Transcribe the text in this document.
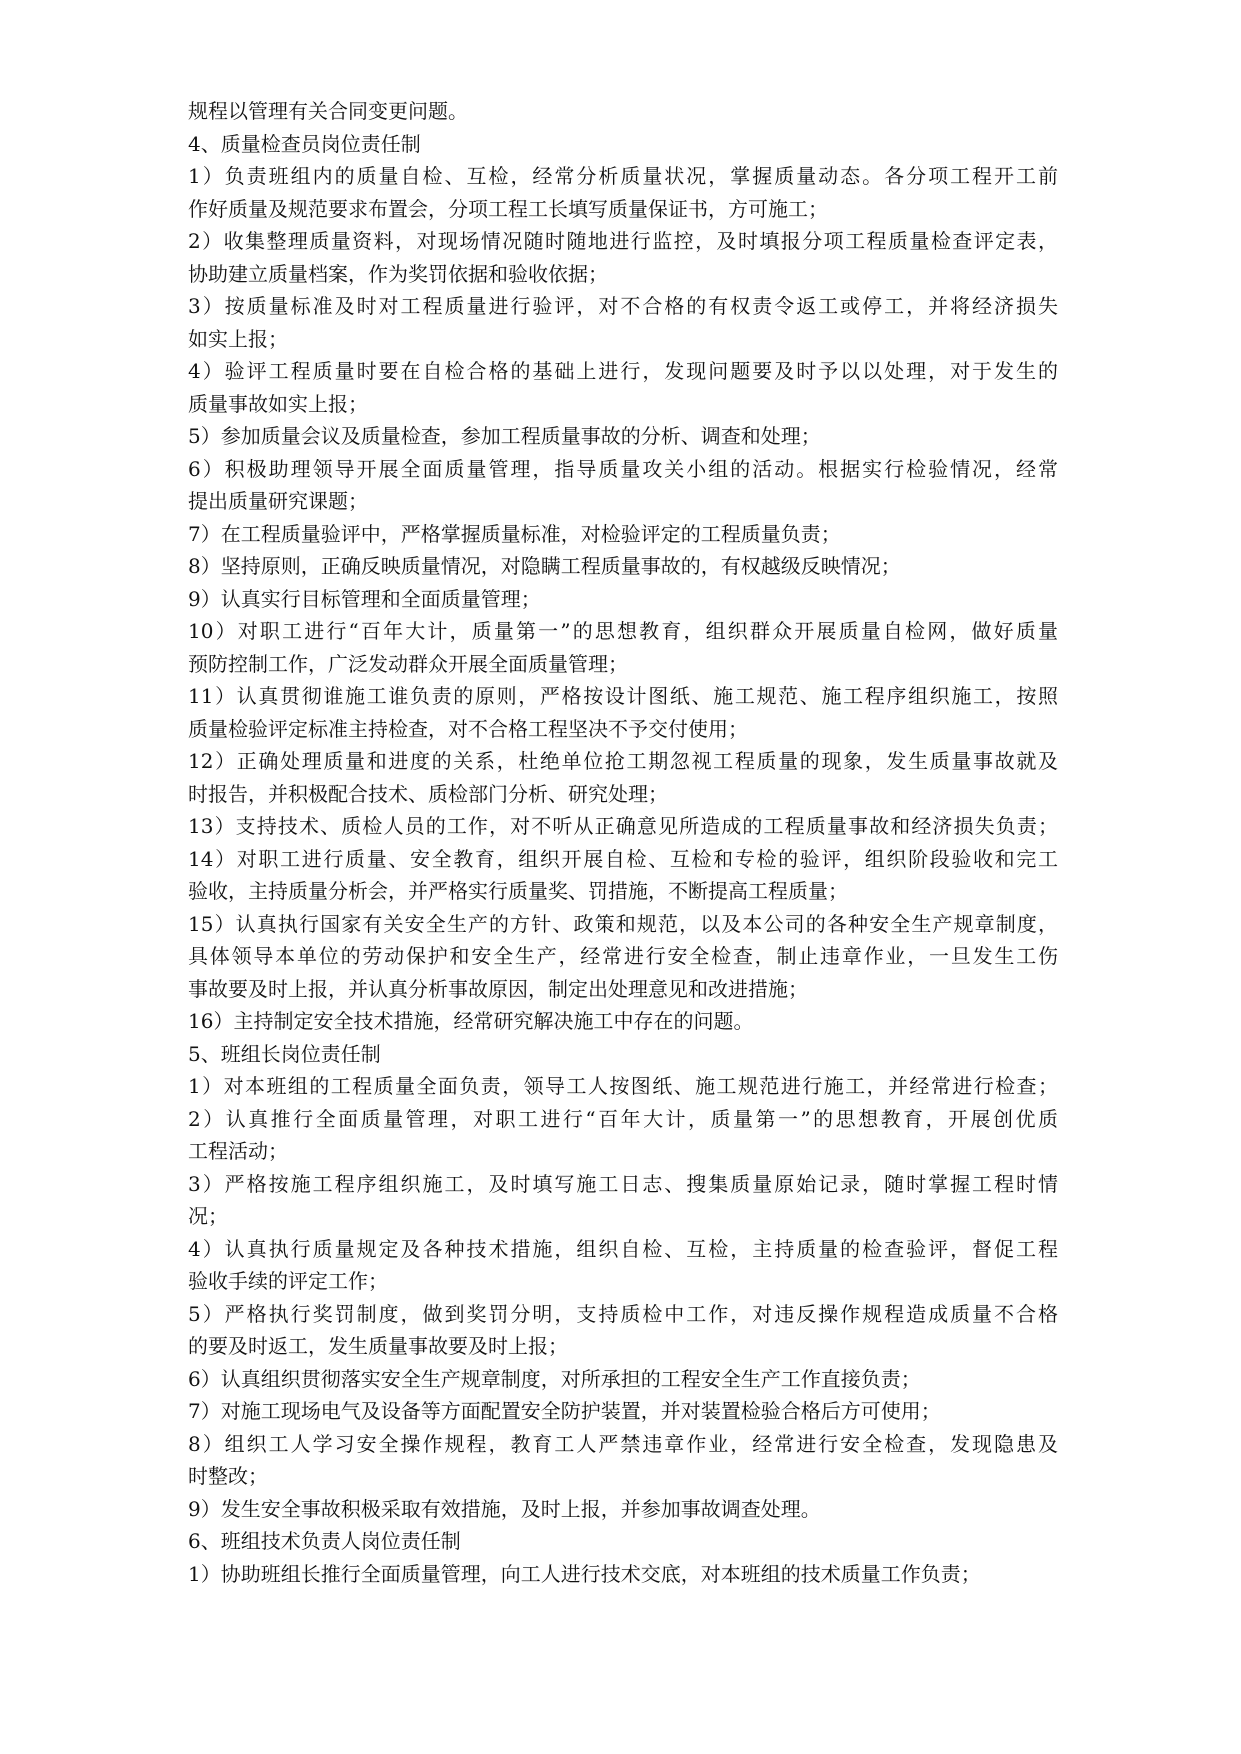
规程以管理有关合同变更问题。
4、质量检查员岗位责任制
1）负责班组内的质量自检、互检，经常分析质量状况，掌握质量动态。各分项工程开工前
作好质量及规范要求布置会，分项工程工长填写质量保证书，方可施工；
2）收集整理质量资料，对现场情况随时随地进行监控，及时填报分项工程质量检查评定表，
协助建立质量档案，作为奖罚依据和验收依据；
3）按质量标准及时对工程质量进行验评，对不合格的有权责令返工或停工，并将经济损失
如实上报；
4）验评工程质量时要在自检合格的基础上进行，发现问题要及时予以以处理，对于发生的
质量事故如实上报；
5）参加质量会议及质量检查，参加工程质量事故的分析、调查和处理；
6）积极助理领导开展全面质量管理，指导质量攻关小组的活动。根据实行检验情况，经常
提出质量研究课题；
7）在工程质量验评中，严格掌握质量标准，对检验评定的工程质量负责；
8）坚持原则，正确反映质量情况，对隐瞒工程质量事故的，有权越级反映情况；
9）认真实行目标管理和全面质量管理；
10）对职工进行“百年大计，质量第一”的思想教育，组织群众开展质量自检网，做好质量
预防控制工作，广泛发动群众开展全面质量管理；
11）认真贯彻谁施工谁负责的原则，严格按设计图纸、施工规范、施工程序组织施工，按照
质量检验评定标准主持检查，对不合格工程坚决不予交付使用；
12）正确处理质量和进度的关系，杜绝单位抢工期忽视工程质量的现象，发生质量事故就及
时报告，并积极配合技术、质检部门分析、研究处理；
13）支持技术、质检人员的工作，对不听从正确意见所造成的工程质量事故和经济损失负责；
14）对职工进行质量、安全教育，组织开展自检、互检和专检的验评，组织阶段验收和完工
验收，主持质量分析会，并严格实行质量奖、罚措施，不断提高工程质量；
15）认真执行国家有关安全生产的方针、政策和规范，以及本公司的各种安全生产规章制度，
具体领导本单位的劳动保护和安全生产，经常进行安全检查，制止违章作业，一旦发生工伤
事故要及时上报，并认真分析事故原因，制定出处理意见和改进措施；
16）主持制定安全技术措施，经常研究解决施工中存在的问题。
5、班组长岗位责任制
1）对本班组的工程质量全面负责，领导工人按图纸、施工规范进行施工，并经常进行检查；
2）认真推行全面质量管理，对职工进行“百年大计，质量第一”的思想教育，开展创优质
工程活动；
3）严格按施工程序组织施工，及时填写施工日志、搜集质量原始记录，随时掌握工程时情
况；
4）认真执行质量规定及各种技术措施，组织自检、互检，主持质量的检查验评，督促工程
验收手续的评定工作；
5）严格执行奖罚制度，做到奖罚分明，支持质检中工作，对违反操作规程造成质量不合格
的要及时返工，发生质量事故要及时上报；
6）认真组织贯彻落实安全生产规章制度，对所承担的工程安全生产工作直接负责；
7）对施工现场电气及设备等方面配置安全防护装置，并对装置检验合格后方可使用；
8）组织工人学习安全操作规程，教育工人严禁违章作业，经常进行安全检查，发现隐患及
时整改；
9）发生安全事故积极采取有效措施，及时上报，并参加事故调查处理。
6、班组技术负责人岗位责任制
1）协助班组长推行全面质量管理，向工人进行技术交底，对本班组的技术质量工作负责；
